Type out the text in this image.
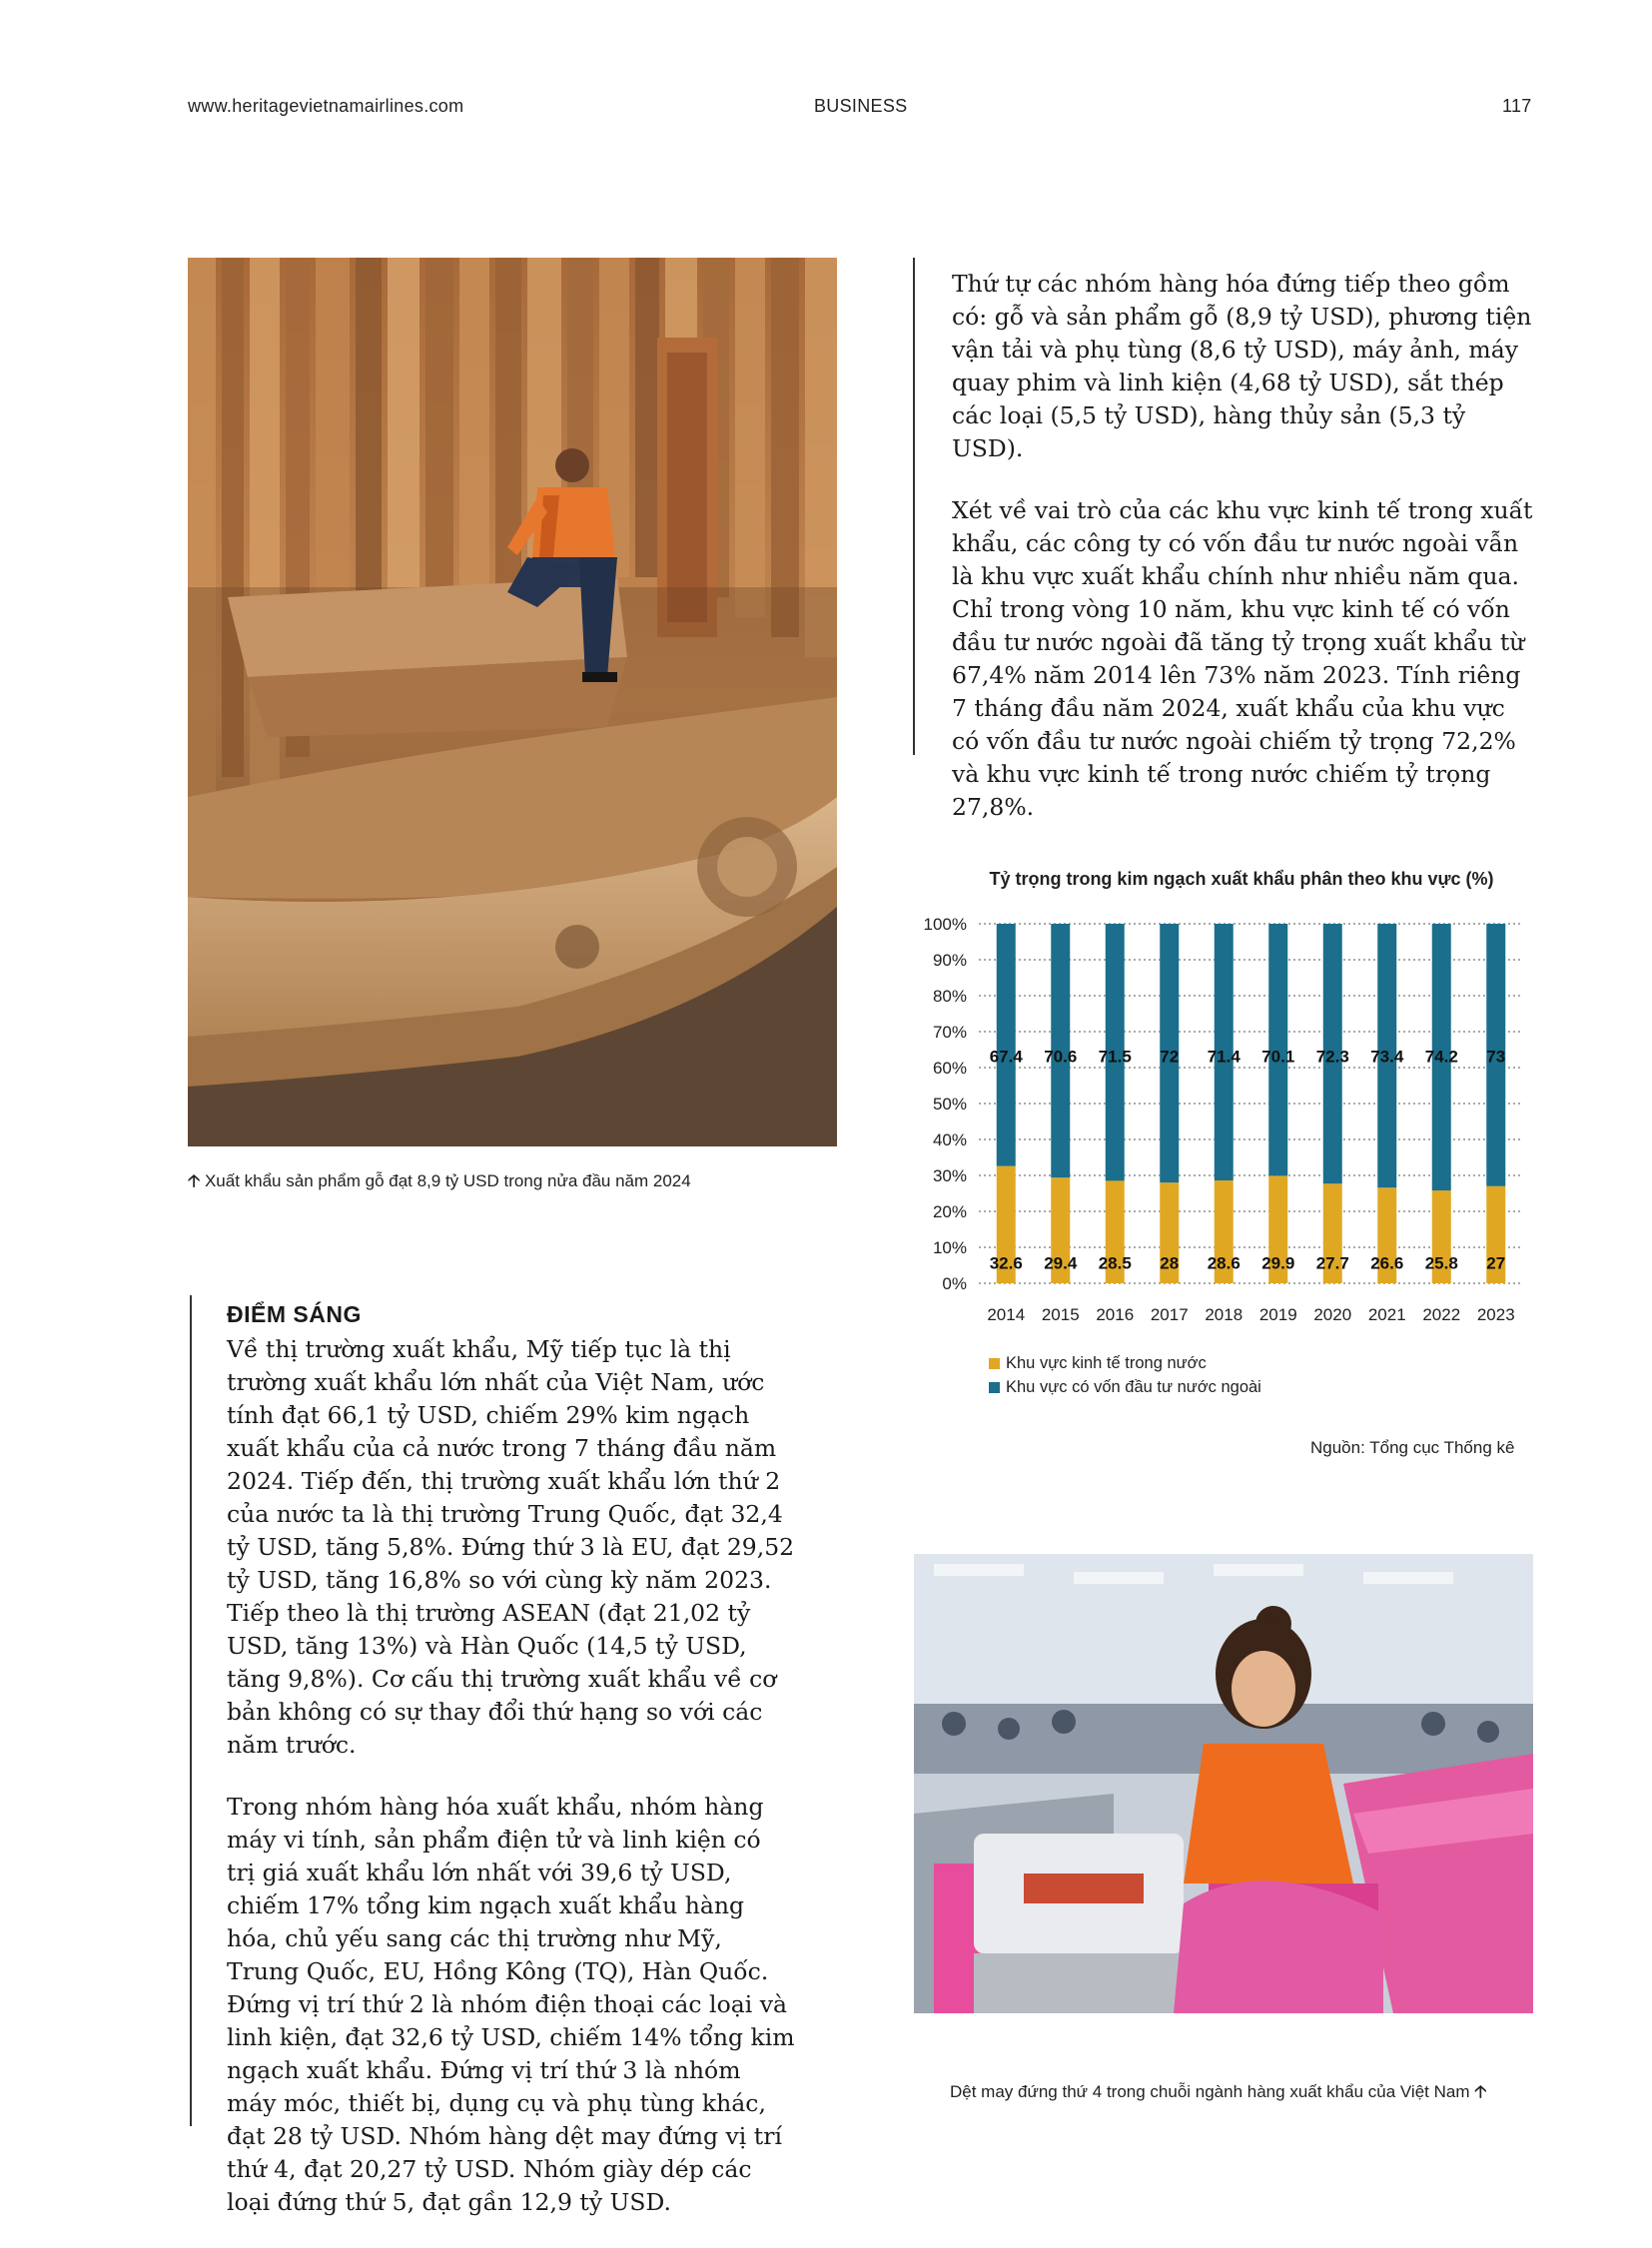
www.heritagevietnamairlines.com	BUSINESS	117
🡡 Xuất khẩu sản phẩm gỗ đạt 8,9 tỷ USD trong nửa đầu năm 2024

Thứ tự các nhóm hàng hóa đứng tiếp theo gồm có: gỗ và sản phẩm gỗ (8,9 tỷ USD), phương tiện vận tải và phụ tùng (8,6 tỷ USD), máy ảnh, máy quay phim và linh kiện (4,68 tỷ USD), sắt thép các loại (5,5 tỷ USD), hàng thủy sản (5,3 tỷ USD).

Xét về vai trò của các khu vực kinh tế trong xuất khẩu, các công ty có vốn đầu tư nước ngoài vẫn là khu vực xuất khẩu chính như nhiều năm qua. Chỉ trong vòng 10 năm, khu vực kinh tế có vốn đầu tư nước ngoài đã tăng tỷ trọng xuất khẩu từ 67,4% năm 2014 lên 73% năm 2023. Tính riêng 7 tháng đầu năm 2024, xuất khẩu của khu vực có vốn đầu tư nước ngoài chiếm tỷ trọng 72,2% và khu vực kinh tế trong nước chiếm tỷ trọng 27,8%.

Tỷ trọng trong kim ngạch xuất khẩu phân theo khu vực (%)
0%
10%
20%
30%
40%
50%
60%
70%
80%
90%
100%
32.6
67.4
2014
29.4
70.6
2015
28.5
71.5
2016
28
72
2017
28.6
71.4
2018
29.9
70.1
2019
27.7
72.3
2020
26.6
73.4
2021
25.8
74.2
2022
27
73
2023
Khu vực kinh tế trong nước
Khu vực có vốn đầu tư nước ngoài
Nguồn: Tổng cục Thống kê
ĐIỂM SÁNG

Về thị trường xuất khẩu, Mỹ tiếp tục là thị trường xuất khẩu lớn nhất của Việt Nam, ước tính đạt 66,1 tỷ USD, chiếm 29% kim ngạch xuất khẩu của cả nước trong 7 tháng đầu năm 2024. Tiếp đến, thị trường xuất khẩu lớn thứ 2 của nước ta là thị trường Trung Quốc, đạt 32,4 tỷ USD, tăng 5,8%. Đứng thứ 3 là EU, đạt 29,52 tỷ USD, tăng 16,8% so với cùng kỳ năm 2023. Tiếp theo là thị trường ASEAN (đạt 21,02 tỷ USD, tăng 13%) và Hàn Quốc (14,5 tỷ USD, tăng 9,8%). Cơ cấu thị trường xuất khẩu về cơ bản không có sự thay đổi thứ hạng so với các năm trước.

Trong nhóm hàng hóa xuất khẩu, nhóm hàng máy vi tính, sản phẩm điện tử và linh kiện có trị giá xuất khẩu lớn nhất với 39,6 tỷ USD, chiếm 17% tổng kim ngạch xuất khẩu hàng hóa, chủ yếu sang các thị trường như Mỹ, Trung Quốc, EU, Hồng Kông (TQ), Hàn Quốc. Đứng vị trí thứ 2 là nhóm điện thoại các loại và linh kiện, đạt 32,6 tỷ USD, chiếm 14% tổng kim ngạch xuất khẩu. Đứng vị trí thứ 3 là nhóm máy móc, thiết bị, dụng cụ và phụ tùng khác, đạt 28 tỷ USD. Nhóm hàng dệt may đứng vị trí thứ 4, đạt 20,27 tỷ USD. Nhóm giày dép các loại đứng thứ 5, đạt gần 12,9 tỷ USD.

Dệt may đứng thứ 4 trong chuỗi ngành hàng xuất khẩu của Việt Nam 🡡
